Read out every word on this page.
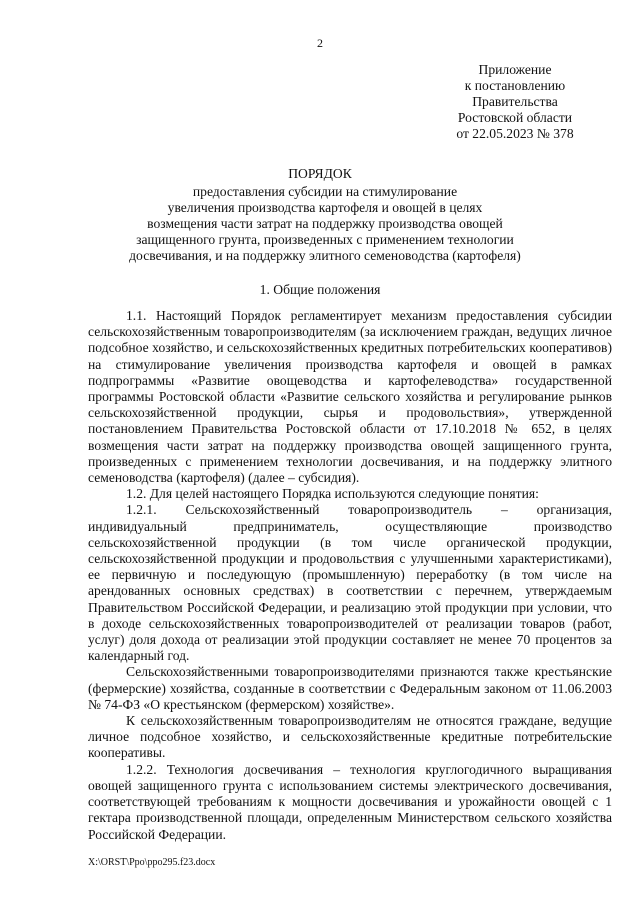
2
Приложение
к постановлению
Правительства
Ростовской области
от 22.05.2023 № 378
ПОРЯДОК
предоставления субсидии на стимулирование
увеличения производства картофеля и овощей в целях
возмещения части затрат на поддержку производства овощей
защищенного грунта, произведенных с применением технологии
досвечивания, и на поддержку элитного семеноводства (картофеля)
1. Общие положения

1.1. Настоящий Порядок регламентирует механизм предоставления субсидии сельскохозяйственным товаропроизводителям (за исключением граждан, ведущих личное подсобное хозяйство, и сельскохозяйственных кредитных потребительских кооперативов) на стимулирование увеличения производства картофеля и овощей в рамках подпрограммы «Развитие овощеводства и картофелеводства» государственной программы Ростовской области «Развитие сельского хозяйства и регулирование рынков сельскохозяйственной продукции, сырья и продовольствия», утвержденной постановлением Правительства Ростовской области от 17.10.2018 № 652, в целях возмещения части затрат на поддержку производства овощей защищенного грунта, произведенных с применением технологии досвечивания, и на поддержку элитного семеноводства (картофеля) (далее – субсидия).

1.2. Для целей настоящего Порядка используются следующие понятия:

1.2.1. Сельскохозяйственный товаропроизводитель – организация, индивидуальный предприниматель, осуществляющие производство сельскохозяйственной продукции (в том числе органической продукции, сельскохозяйственной продукции и продовольствия с улучшенными характеристиками), ее первичную и последующую (промышленную) переработку (в том числе на арендованных основных средствах) в соответствии с перечнем, утверждаемым Правительством Российской Федерации, и реализацию этой продукции при условии, что в доходе сельскохозяйственных товаропроизводителей от реализации товаров (работ, услуг) доля дохода от реализации этой продукции составляет не менее 70 процентов за календарный год.

Сельскохозяйственными товаропроизводителями признаются также крестьянские (фермерские) хозяйства, созданные в соответствии с Федеральным законом от 11.06.2003 № 74-ФЗ «О крестьянском (фермерском) хозяйстве».

К сельскохозяйственным товаропроизводителям не относятся граждане, ведущие личное подсобное хозяйство, и сельскохозяйственные кредитные потребительские кооперативы.

1.2.2. Технология досвечивания – технология круглогодичного выращивания овощей защищенного грунта с использованием системы электрического досвечивания, соответствующей требованиям к мощности досвечивания и урожайности овощей с 1 гектара производственной площади, определенным Министерством сельского хозяйства Российской Федерации.

X:\ORST\Ppo\ppo295.f23.docx
